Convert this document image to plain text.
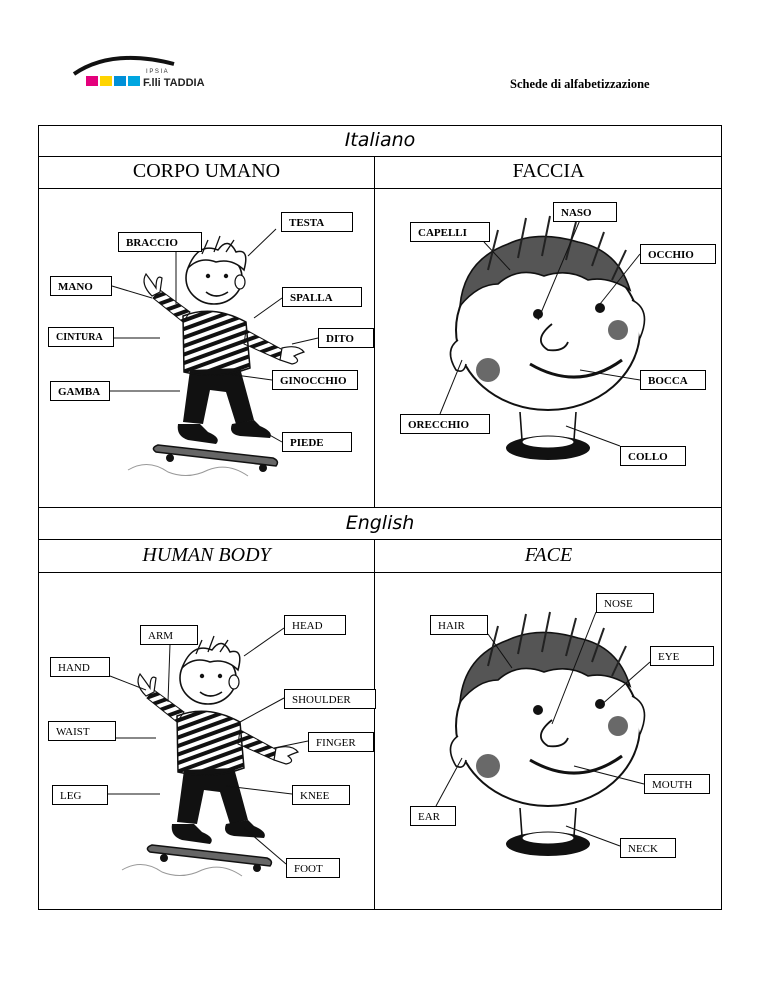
I P S I A
F.lli TADDIA	Schede di alfabetizzazione
Italiano
CORPO UMANO	FACCIA
English
HUMAN BODY	FACE
TESTA
BRACCIO
MANO
SPALLA
CINTURA	DITO
GINOCCHIO
GAMBA
PIEDE
NASO
CAPELLI
OCCHIO
BOCCA
ORECCHIO
COLLO
HEAD
ARM
HAND
SHOULDER
WAIST
FINGER
LEG	KNEE
FOOT
NOSE
HAIR
EYE
MOUTH
EAR
NECK
